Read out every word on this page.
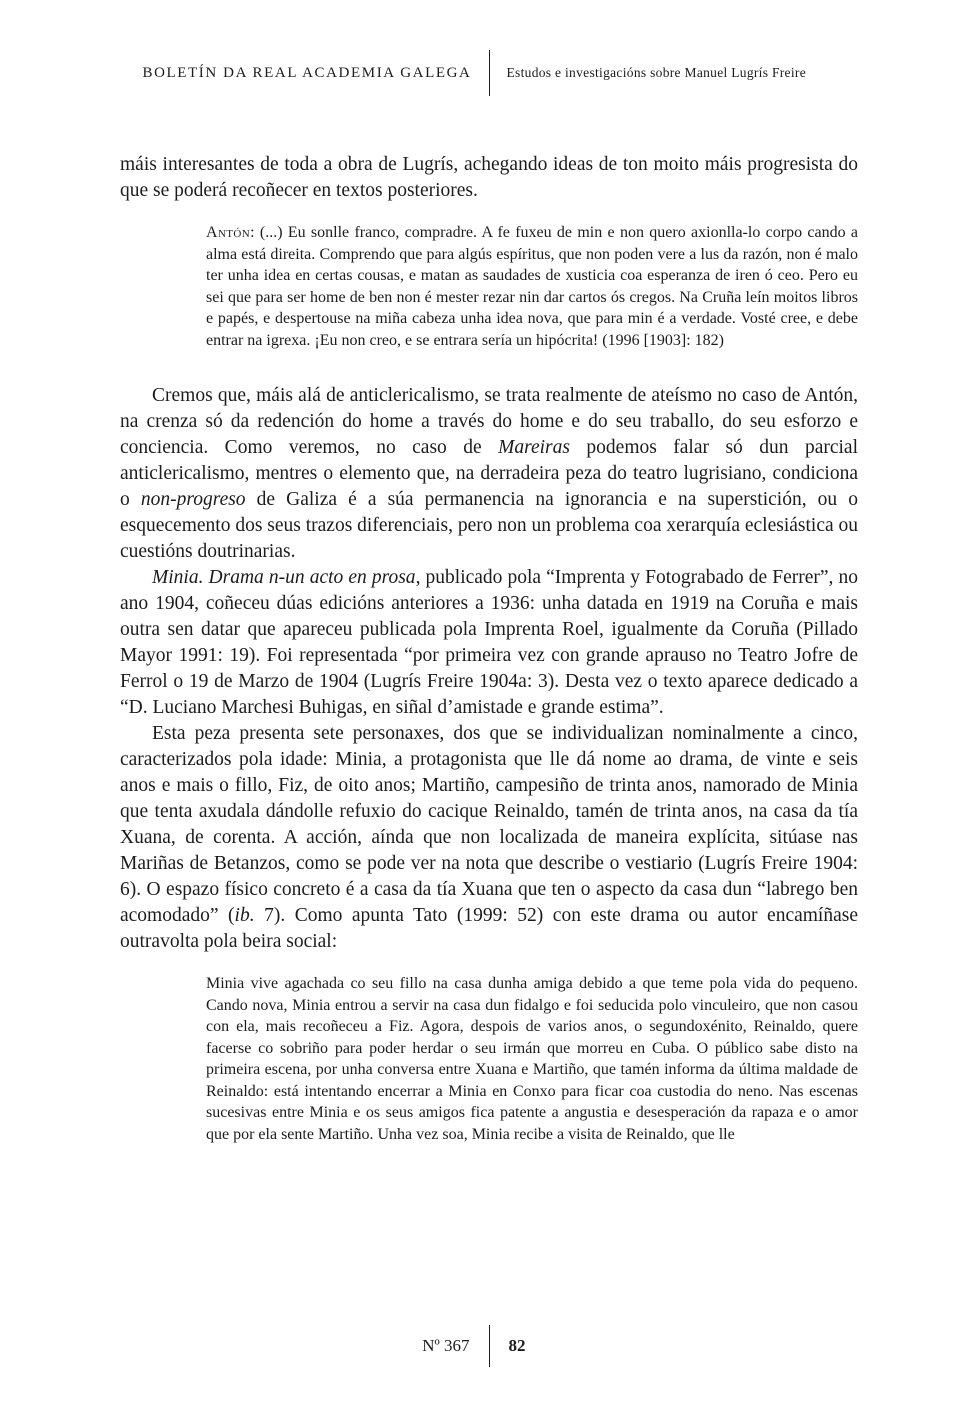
BOLETÍN DA REAL ACADEMIA GALEGA	Estudos e investigacións sobre Manuel Lugrís Freire

máis interesantes de toda a obra de Lugrís, achegando ideas de ton moito máis progresista do que se poderá recoñecer en textos posteriores.

Antón: (...) Eu sonlle franco, compradre. A fe fuxeu de min e non quero axionlla-lo corpo cando a alma está direita. Comprendo que para algús espíritus, que non poden vere a lus da razón, non é malo ter unha idea en certas cousas, e matan as saudades de xusticia coa esperanza de iren ó ceo. Pero eu sei que para ser home de ben non é mester rezar nin dar cartos ós cregos. Na Cruña leín moitos libros e papés, e despertouse na miña cabeza unha idea nova, que para min é a verdade. Vosté cree, e debe entrar na igrexa. ¡Eu non creo, e se entrara sería un hipócrita! (1996 [1903]: 182)

Cremos que, máis alá de anticlericalismo, se trata realmente de ateísmo no caso de Antón, na crenza só da redención do home a través do home e do seu traballo, do seu esforzo e conciencia. Como veremos, no caso de Mareiras podemos falar só dun parcial anticlericalismo, mentres o elemento que, na derradeira peza do teatro lugrisiano, condiciona o non-progreso de Galiza é a súa permanencia na ignorancia e na superstición, ou o esquecemento dos seus trazos diferenciais, pero non un problema coa xerarquía eclesiástica ou cuestións doutrinarias.

Minia. Drama n-un acto en prosa, publicado pola “Imprenta y Fotograbado de Ferrer”, no ano 1904, coñeceu dúas edicións anteriores a 1936: unha datada en 1919 na Coruña e mais outra sen datar que apareceu publicada pola Imprenta Roel, igualmente da Coruña (Pillado Mayor 1991: 19). Foi representada “por primeira vez con grande aprauso no Teatro Jofre de Ferrol o 19 de Marzo de 1904 (Lugrís Freire 1904a: 3). Desta vez o texto aparece dedicado a “D. Luciano Marchesi Buhigas, en siñal d’amistade e grande estima”.

Esta peza presenta sete personaxes, dos que se individualizan nominalmente a cinco, caracterizados pola idade: Minia, a protagonista que lle dá nome ao drama, de vinte e seis anos e mais o fillo, Fiz, de oito anos; Martiño, campesiño de trinta anos, namorado de Minia que tenta axudala dándolle refuxio do cacique Reinaldo, tamén de trinta anos, na casa da tía Xuana, de corenta. A acción, aínda que non localizada de maneira explícita, sitúase nas Mariñas de Betanzos, como se pode ver na nota que describe o vestiario (Lugrís Freire 1904: 6). O espazo físico concreto é a casa da tía Xuana que ten o aspecto da casa dun “labrego ben acomodado” (ib. 7). Como apunta Tato (1999: 52) con este drama ou autor encamíñase outravolta pola beira social:

Minia vive agachada co seu fillo na casa dunha amiga debido a que teme pola vida do pequeno. Cando nova, Minia entrou a servir na casa dun fidalgo e foi seducida polo vinculeiro, que non casou con ela, mais recoñeceu a Fiz. Agora, despois de varios anos, o segundoxénito, Reinaldo, quere facerse co sobriño para poder herdar o seu irmán que morreu en Cuba. O público sabe disto na primeira escena, por unha conversa entre Xuana e Martiño, que tamén informa da última maldade de Reinaldo: está intentando encerrar a Minia en Conxo para ficar coa custodia do neno. Nas escenas sucesivas entre Minia e os seus amigos fica patente a angustia e desesperación da rapaza e o amor que por ela sente Martiño. Unha vez soa, Minia recibe a visita de Reinaldo, que lle

Nº 367	82
